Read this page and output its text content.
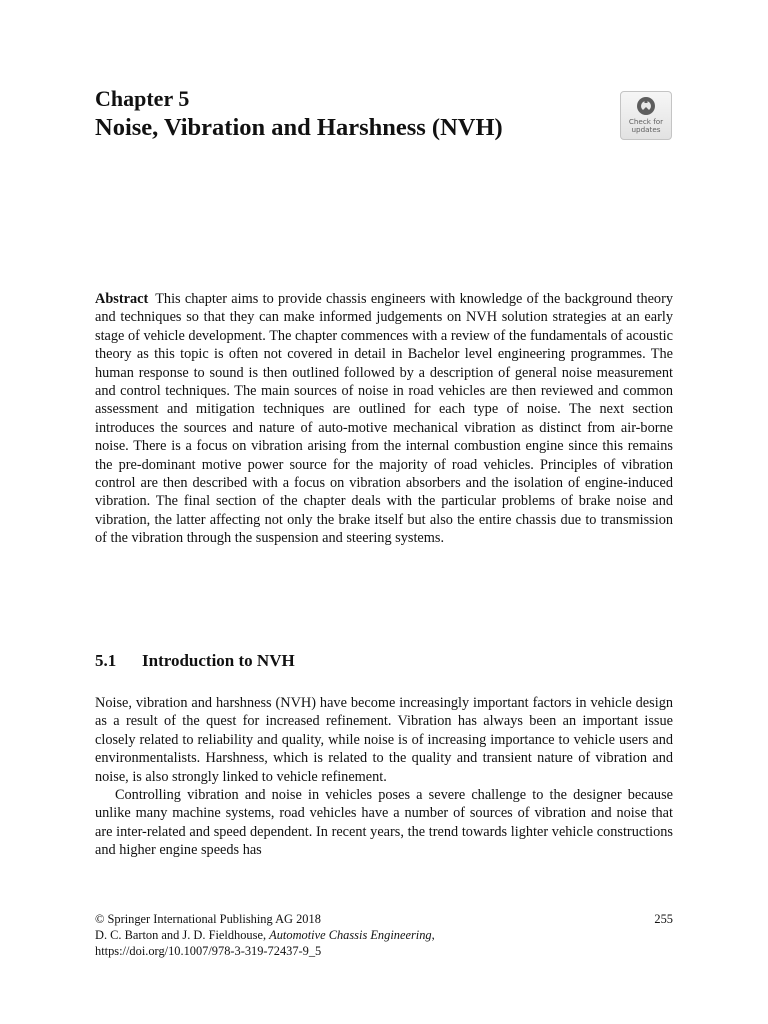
Chapter 5
Noise, Vibration and Harshness (NVH)	Check for
updates

Abstract This chapter aims to provide chassis engineers with knowledge of the background theory and techniques so that they can make informed judgements on NVH solution strategies at an early stage of vehicle development. The chapter commences with a review of the fundamentals of acoustic theory as this topic is often not covered in detail in Bachelor level engineering programmes. The human response to sound is then outlined followed by a description of general noise measurement and control techniques. The main sources of noise in road vehicles are then reviewed and common assessment and mitigation techniques are outlined for each type of noise. The next section introduces the sources and nature of auto-motive mechanical vibration as distinct from air-borne noise. There is a focus on vibration arising from the internal combustion engine since this remains the pre-dominant motive power source for the majority of road vehicles. Principles of vibration control are then described with a focus on vibration absorbers and the isolation of engine-induced vibration. The final section of the chapter deals with the particular problems of brake noise and vibration, the latter affecting not only the brake itself but also the entire chassis due to transmission of the vibration through the suspension and steering systems.

5.1 Introduction to NVH

Noise, vibration and harshness (NVH) have become increasingly important factors in vehicle design as a result of the quest for increased refinement. Vibration has always been an important issue closely related to reliability and quality, while noise is of increasing importance to vehicle users and environmentalists. Harshness, which is related to the quality and transient nature of vibration and noise, is also strongly linked to vehicle refinement.

Controlling vibration and noise in vehicles poses a severe challenge to the designer because unlike many machine systems, road vehicles have a number of sources of vibration and noise that are inter-related and speed dependent. In recent years, the trend towards lighter vehicle constructions and higher engine speeds has

© Springer International Publishing AG 2018
D. C. Barton and J. D. Fieldhouse, Automotive Chassis Engineering,
https://doi.org/10.1007/978-3-319-72437-9_5
255
